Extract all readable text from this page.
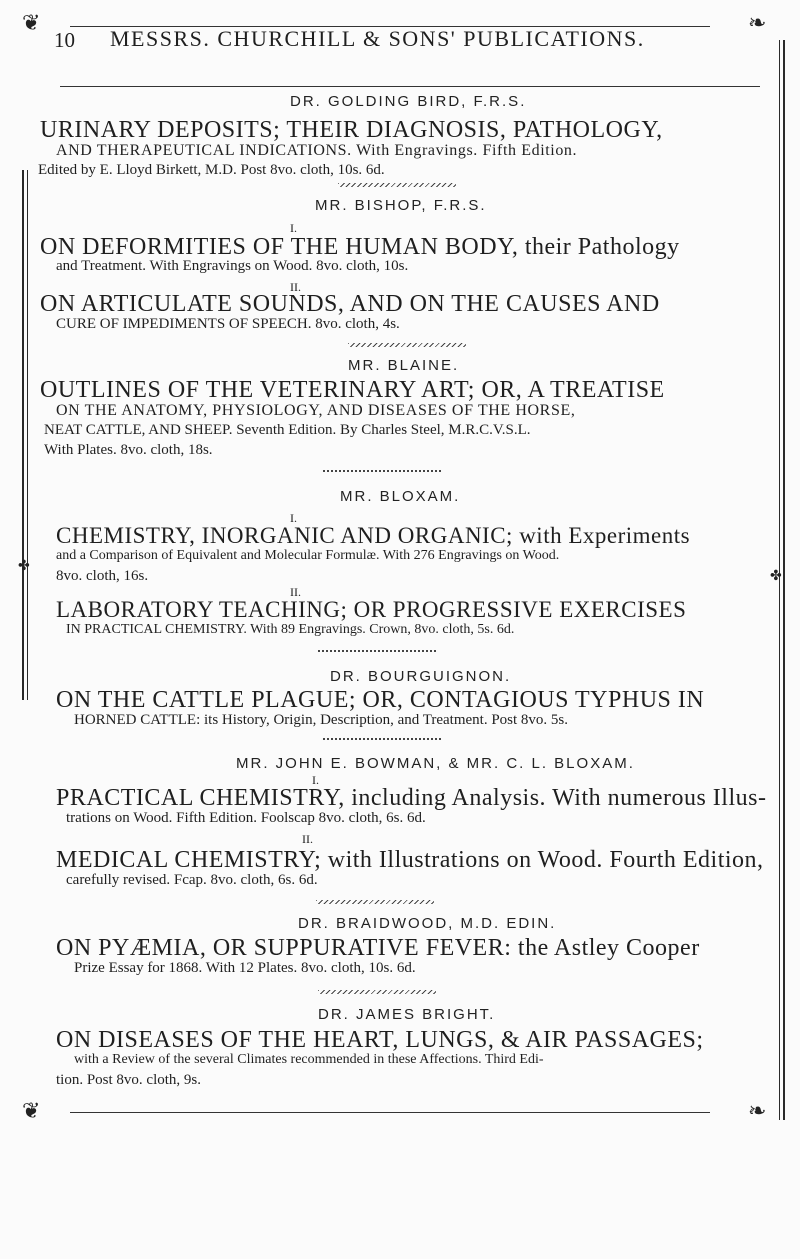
❦	❧
❦	❧
✤
✤
10 MESSRS. CHURCHILL & SONS' PUBLICATIONS.
DR. GOLDING BIRD, F.R.S.
URINARY DEPOSITS; THEIR DIAGNOSIS, PATHOLOGY,
AND THERAPEUTICAL INDICATIONS. With Engravings. Fifth Edition.
Edited by E. Lloyd Birkett, M.D. Post 8vo. cloth, 10s. 6d.
MR. BISHOP, F.R.S.
I.
ON DEFORMITIES OF THE HUMAN BODY, their Pathology
and Treatment. With Engravings on Wood. 8vo. cloth, 10s.
II.
ON ARTICULATE SOUNDS, AND ON THE CAUSES AND
CURE OF IMPEDIMENTS OF SPEECH. 8vo. cloth, 4s.
MR. BLAINE.
OUTLINES OF THE VETERINARY ART; OR, A TREATISE
ON THE ANATOMY, PHYSIOLOGY, AND DISEASES OF THE HORSE,
NEAT CATTLE, AND SHEEP. Seventh Edition. By Charles Steel, M.R.C.V.S.L.
With Plates. 8vo. cloth, 18s.
MR. BLOXAM.
I.
CHEMISTRY, INORGANIC AND ORGANIC; with Experiments
and a Comparison of Equivalent and Molecular Formulæ. With 276 Engravings on Wood.
8vo. cloth, 16s.
II.
LABORATORY TEACHING; OR PROGRESSIVE EXERCISES
IN PRACTICAL CHEMISTRY. With 89 Engravings. Crown, 8vo. cloth, 5s. 6d.
DR. BOURGUIGNON.
ON THE CATTLE PLAGUE; OR, CONTAGIOUS TYPHUS IN
HORNED CATTLE: its History, Origin, Description, and Treatment. Post 8vo. 5s.
MR. JOHN E. BOWMAN, & MR. C. L. BLOXAM.
I.
PRACTICAL CHEMISTRY, including Analysis. With numerous Illus-
trations on Wood. Fifth Edition. Foolscap 8vo. cloth, 6s. 6d.
II.
MEDICAL CHEMISTRY; with Illustrations on Wood. Fourth Edition,
carefully revised. Fcap. 8vo. cloth, 6s. 6d.
DR. BRAIDWOOD, M.D. EDIN.
ON PYÆMIA, OR SUPPURATIVE FEVER: the Astley Cooper
Prize Essay for 1868. With 12 Plates. 8vo. cloth, 10s. 6d.
DR. JAMES BRIGHT.
ON DISEASES OF THE HEART, LUNGS, & AIR PASSAGES;
with a Review of the several Climates recommended in these Affections. Third Edi-
tion. Post 8vo. cloth, 9s.
